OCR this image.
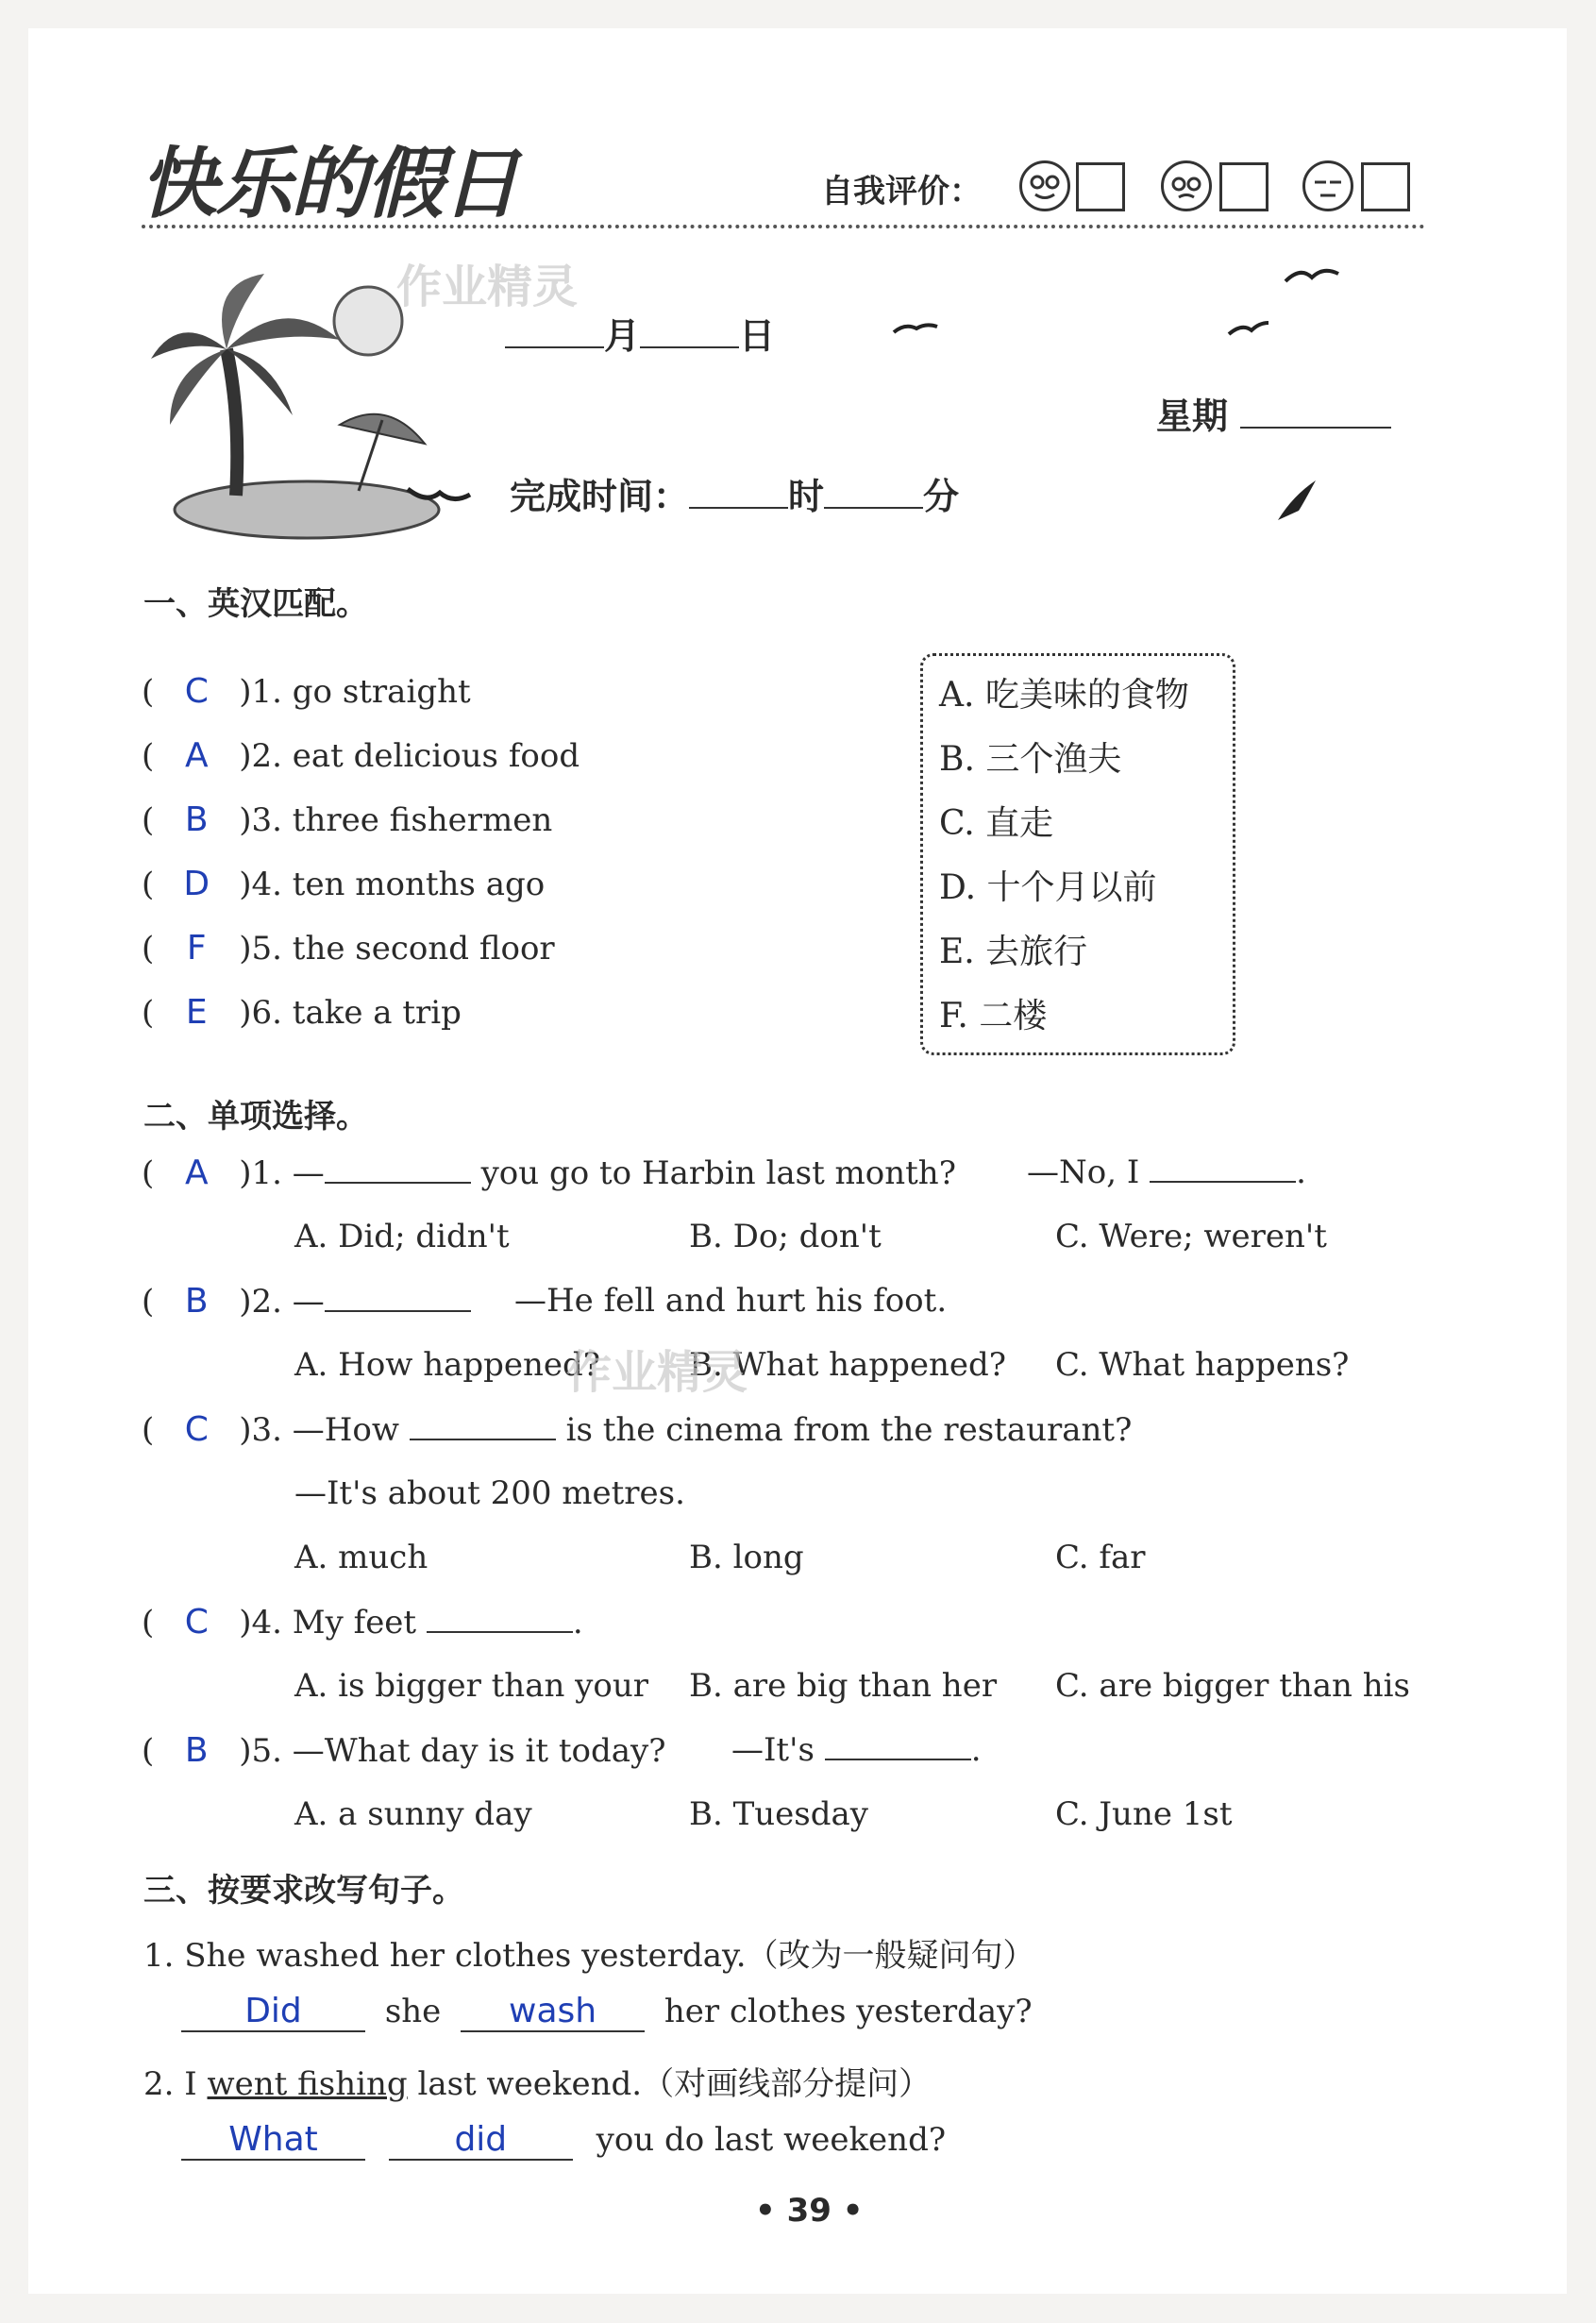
快乐的假日	自我评价：
作业精灵
月	日
星期
完成时间：	时	分
一、英汉匹配。
( C )1. go straight
( A )2. eat delicious food
( B )3. three fishermen
( D )4. ten months ago
( F )5. the second floor
( E )6. take a trip
A. 吃美味的食物
B. 三个渔夫
C. 直走
D. 十个月以前
E. 去旅行
F. 二楼
二、单项选择。
( A )1. —	you go to Harbin last month? —No, I	.
A. Did; didn't	B. Do; don't	C. Were; weren't
( B )2. —	—He fell and hurt his foot.
A. How happened?	B. What happened? C. What happens?
作业精灵
( C )3. —How	is the cinema from the restaurant?
—It's about 200 metres.
A. much	B. long	C. far
( C )4. My feet	.
A. is bigger than your B. are big than her C. are bigger than his
( B )5. —What day is it today? —It's	.
A. a sunny day	B. Tuesday	C. June 1st
三、按要求改写句子。
1. She washed her clothes yesterday.（改为一般疑问句）
Did	she wash her clothes yesterday?
2. I went fishing last weekend.（对画线部分提问）
What	did	you do last weekend?
• 39 •
